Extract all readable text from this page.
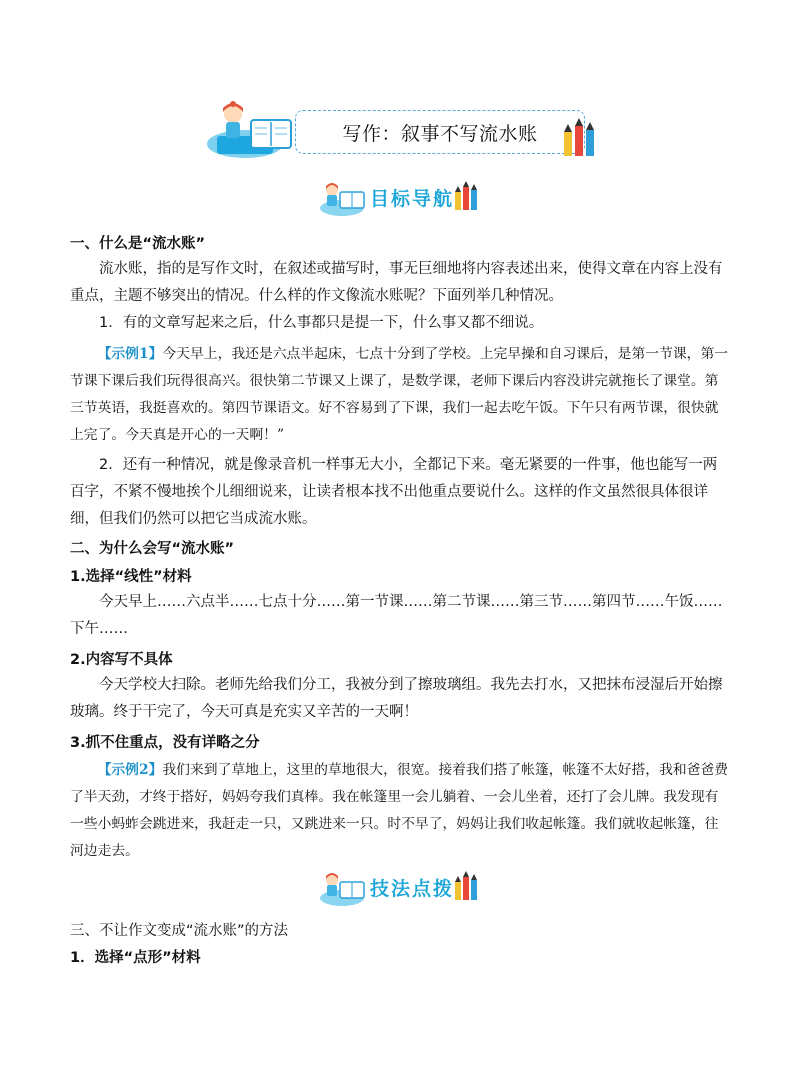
写作：叙事不写流水账
目标导航
一、什么是“流水账”
流水账，指的是写作文时，在叙述或描写时，事无巨细地将内容表述出来，使得文章在内容上没有重点，主题不够突出的情况。什么样的作文像流水账呢？下面列举几种情况。
1．有的文章写起来之后，什么事都只是提一下，什么事又都不细说。
【示例1】今天早上，我还是六点半起床，七点十分到了学校。上完早操和自习课后，是第一节课，第一节课下课后我们玩得很高兴。很快第二节课又上课了，是数学课，老师下课后内容没讲完就拖长了课堂。第三节英语，我挺喜欢的。第四节课语文。好不容易到了下课，我们一起去吃午饭。下午只有两节课，很快就上完了。今天真是开心的一天啊！”
2．还有一种情况，就是像录音机一样事无大小，全都记下来。毫无紧要的一件事，他也能写一两百字，不紧不慢地挨个儿细细说来，让读者根本找不出他重点要说什么。这样的作文虽然很具体很详细，但我们仍然可以把它当成流水账。
二、为什么会写“流水账”
1.选择“线性”材料
今天早上……六点半……七点十分……第一节课……第二节课……第三节……第四节……午饭……下午……
2.内容写不具体
今天学校大扫除。老师先给我们分工，我被分到了擦玻璃组。我先去打水，又把抹布浸湿后开始擦玻璃。终于干完了，今天可真是充实又辛苦的一天啊！
3.抓不住重点，没有详略之分
【示例2】我们来到了草地上，这里的草地很大，很宽。接着我们搭了帐篷，帐篷不太好搭，我和爸爸费了半天劲，才终于搭好，妈妈夸我们真棒。我在帐篷里一会儿躺着、一会儿坐着，还打了会儿牌。我发现有一些小蚂蚱会跳进来，我赶走一只，又跳进来一只。时不早了，妈妈让我们收起帐篷。我们就收起帐篷，往河边走去。
技法点拨
三、不让作文变成“流水账”的方法
1．选择“点形”材料
